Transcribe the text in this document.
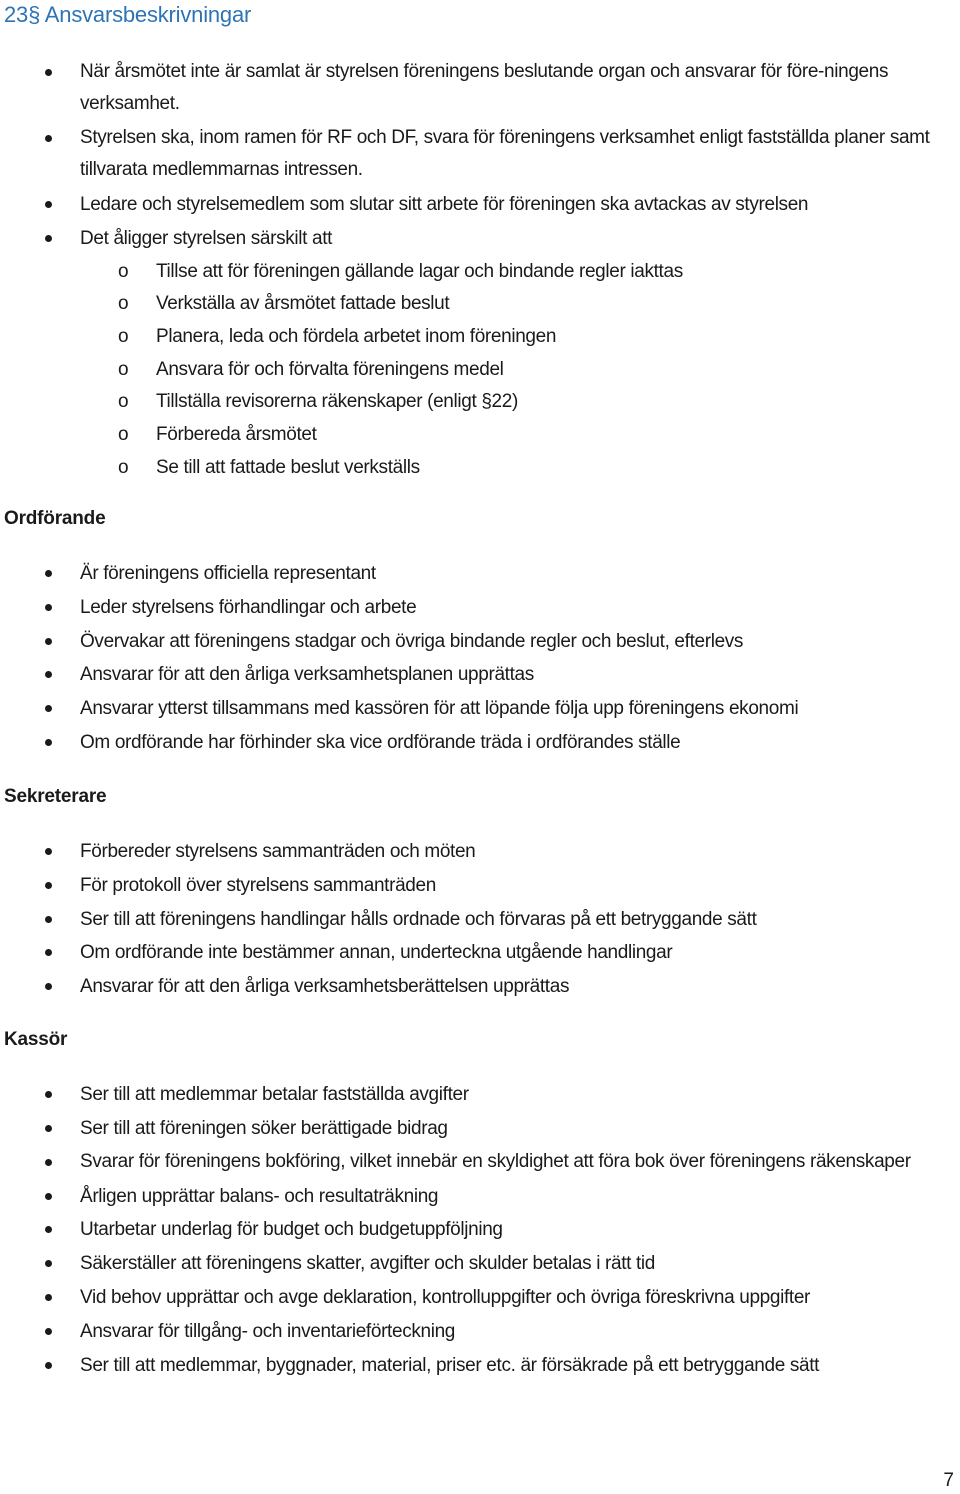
23§ Ansvarsbeskrivningar
När årsmötet inte är samlat är styrelsen föreningens beslutande organ och ansvarar för före-ningens verksamhet.
Styrelsen ska, inom ramen för RF och DF, svara för föreningens verksamhet enligt fastställda planer samt tillvarata medlemmarnas intressen.
Ledare och styrelsemedlem som slutar sitt arbete för föreningen ska avtackas av styrelsen
Det åligger styrelsen särskilt att
o Tillse att för föreningen gällande lagar och bindande regler iakttas
o Verkställa av årsmötet fattade beslut
o Planera, leda och fördela arbetet inom föreningen
o Ansvara för och förvalta föreningens medel
o Tillställa revisorerna räkenskaper (enligt §22)
o Förbereda årsmötet
o Se till att fattade beslut verkställs
Ordförande
Är föreningens officiella representant
Leder styrelsens förhandlingar och arbete
Övervakar att föreningens stadgar och övriga bindande regler och beslut, efterlevs
Ansvarar för att den årliga verksamhetsplanen upprättas
Ansvarar ytterst tillsammans med kassören för att löpande följa upp föreningens ekonomi
Om ordförande har förhinder ska vice ordförande träda i ordförandes ställe
Sekreterare
Förbereder styrelsens sammanträden och möten
För protokoll över styrelsens sammanträden
Ser till att föreningens handlingar hålls ordnade och förvaras på ett betryggande sätt
Om ordförande inte bestämmer annan, underteckna utgående handlingar
Ansvarar för att den årliga verksamhetsberättelsen upprättas
Kassör
Ser till att medlemmar betalar fastställda avgifter
Ser till att föreningen söker berättigade bidrag
Svarar för föreningens bokföring, vilket innebär en skyldighet att föra bok över föreningens räkenskaper
Årligen upprättar balans- och resultaträkning
Utarbetar underlag för budget och budgetuppföljning
Säkerställer att föreningens skatter, avgifter och skulder betalas i rätt tid
Vid behov upprättar och avge deklaration, kontrolluppgifter och övriga föreskrivna uppgifter
Ansvarar för tillgång- och inventarieförteckning
Ser till att medlemmar, byggnader, material, priser etc. är försäkrade på ett betryggande sätt
7
